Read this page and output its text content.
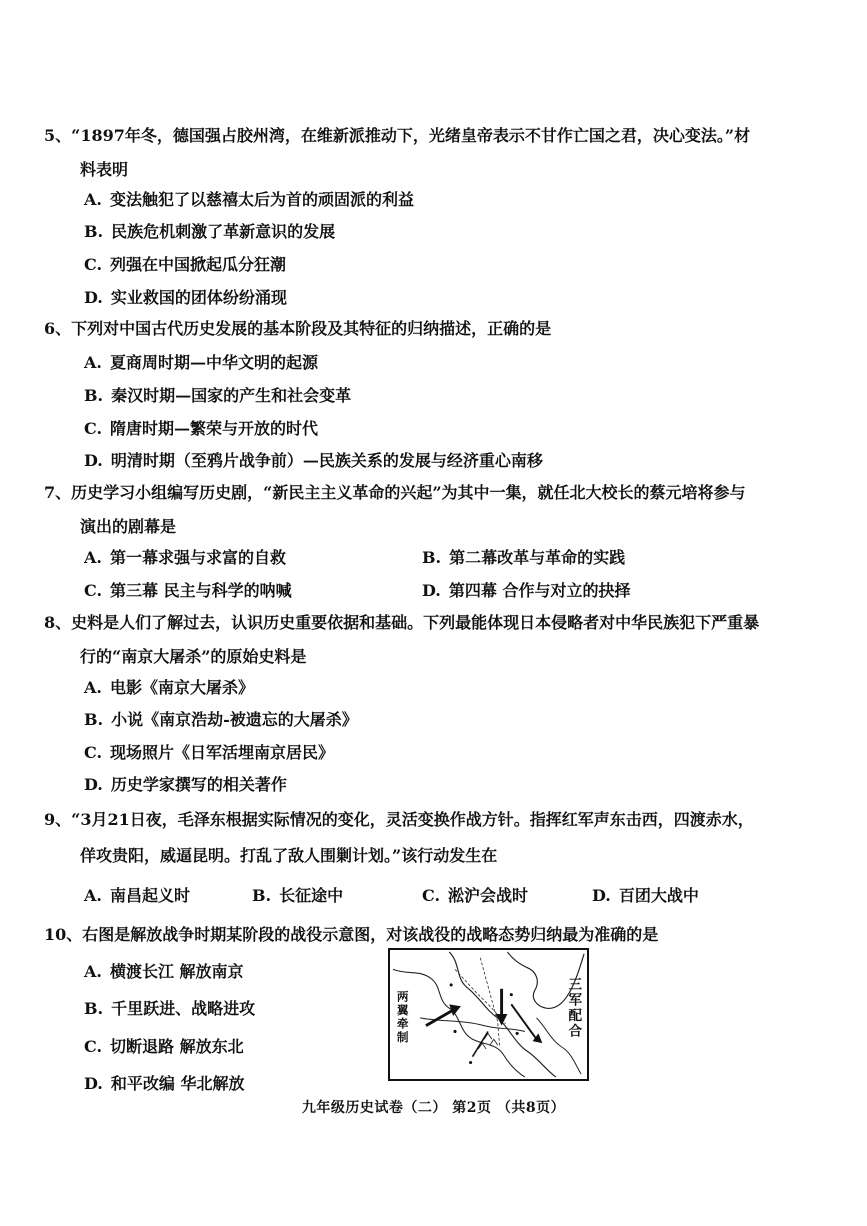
5、“1897年冬，德国强占胶州湾，在维新派推动下，光绪皇帝表示不甘作亡国之君，决心变法。”材
料表明
A. 变法触犯了以慈禧太后为首的顽固派的利益
B. 民族危机刺激了革新意识的发展
C. 列强在中国掀起瓜分狂潮
D. 实业救国的团体纷纷涌现
6、下列对中国古代历史发展的基本阶段及其特征的归纳描述，正确的是
A. 夏商周时期—中华文明的起源
B. 秦汉时期—国家的产生和社会变革
C. 隋唐时期—繁荣与开放的时代
D. 明清时期（至鸦片战争前）—民族关系的发展与经济重心南移
7、历史学习小组编写历史剧，“新民主主义革命的兴起”为其中一集，就任北大校长的蔡元培将参与
演出的剧幕是
A. 第一幕求强与求富的自救	B. 第二幕改革与革命的实践
C. 第三幕 民主与科学的呐喊	D. 第四幕 合作与对立的抉择
8、史料是人们了解过去，认识历史重要依据和基础。下列最能体现日本侵略者对中华民族犯下严重暴
行的“南京大屠杀”的原始史料是
A. 电影《南京大屠杀》
B. 小说《南京浩劫-被遗忘的大屠杀》
C. 现场照片《日军活埋南京居民》
D. 历史学家撰写的相关著作
9、“3月21日夜，毛泽东根据实际情况的变化，灵活变换作战方针。指挥红军声东击西，四渡赤水，
佯攻贵阳，威逼昆明。打乱了敌人围剿计划。”该行动发生在
A. 南昌起义时	B. 长征途中	C. 淞沪会战时	D. 百团大战中
10、右图是解放战争时期某阶段的战役示意图，对该战役的战略态势归纳最为准确的是
A. 横渡长江 解放南京
B. 千里跃进、战略进攻
C. 切断退路 解放东北
D. 和平改编 华北解放
两 翼 牵 制
三 军 配 合
九年级历史试卷（二） 第2页 （共8页）
